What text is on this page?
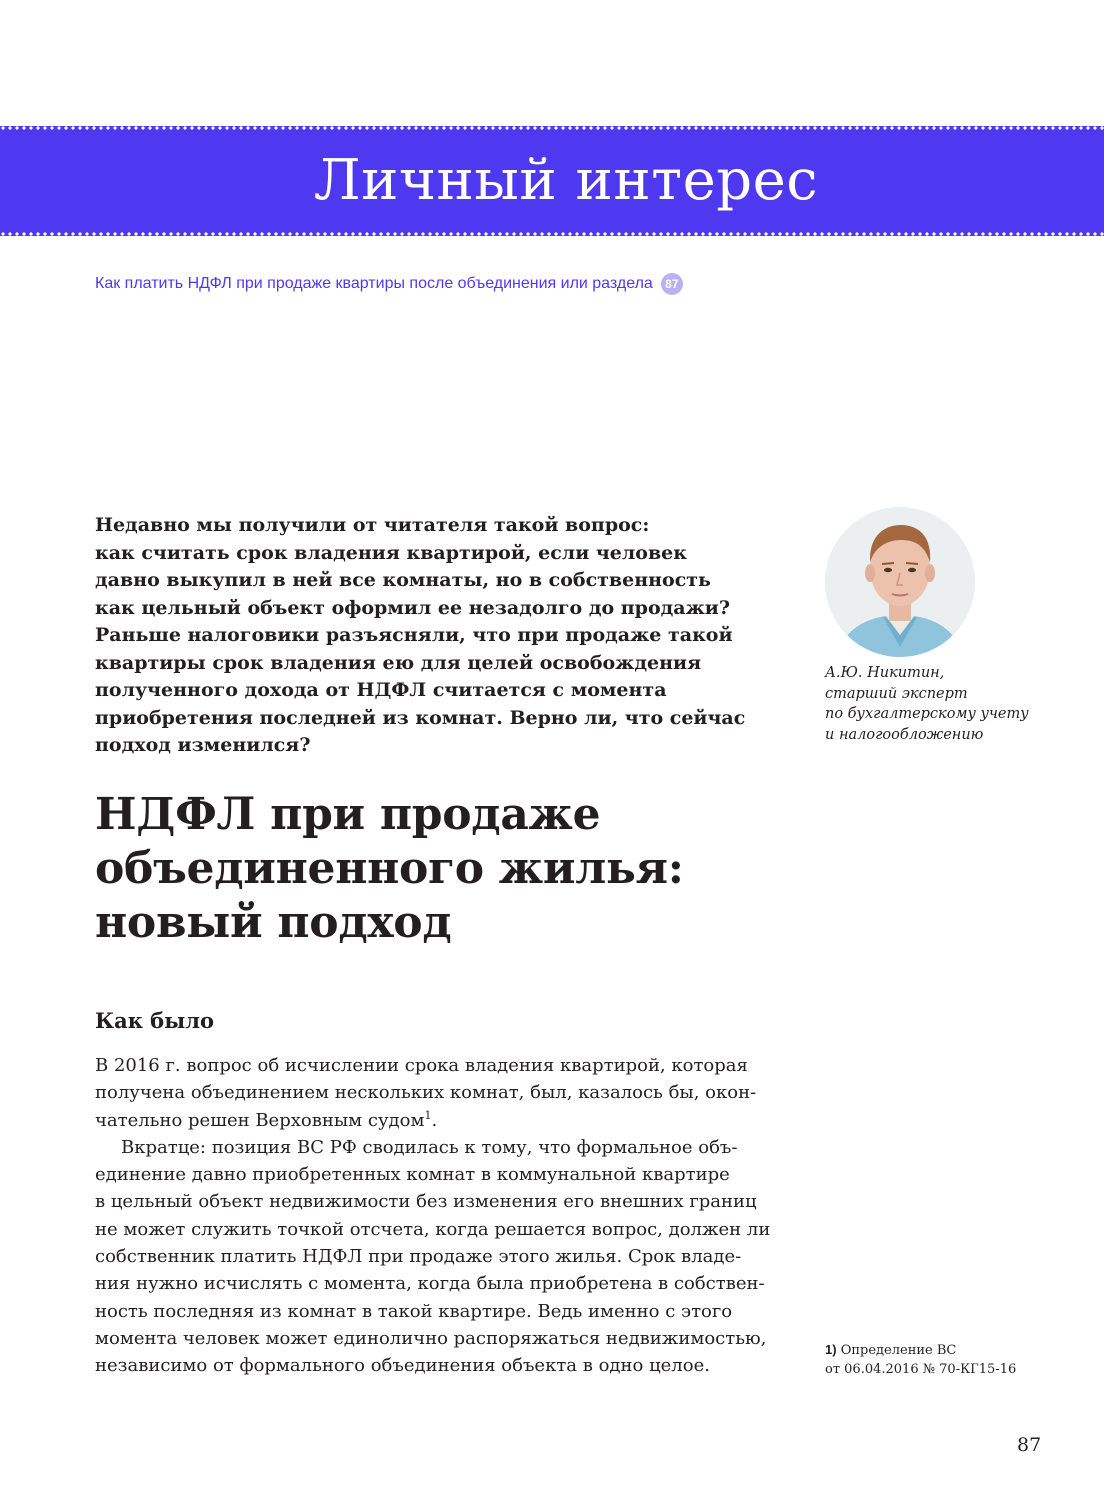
Личный интерес
Как платить НДФЛ при продаже квартиры после объединения или раздела	87

Недавно мы получили от читателя такой вопрос:

как считать срок владения квартирой, если человек

давно выкупил в ней все комнаты, но в собственность

как цельный объект оформил ее незадолго до продажи?

Раньше налоговики разъясняли, что при продаже такой

квартиры срок владения ею для целей освобождения

полученного дохода от НДФЛ считается с момента

приобретения последней из комнат. Верно ли, что сейчас

подход изменился?

А.Ю. Никитин,
старший эксперт
по бухгалтерскому учету
и налогообложению
НДФЛ при продаже
объединенного жилья:
новый подход
Как было
В 2016 г. вопрос об исчислении срока владения квартирой, которая
получена объединением нескольких комнат, был, казалось бы, окон-
чательно решен Верховным судом$^1$.
Вкратце: позиция ВС РФ сводилась к тому, что формальное объ-
единение давно приобретенных комнат в коммунальной квартире
в цельный объект недвижимости без изменения его внешних границ
не может служить точкой отсчета, когда решается вопрос, должен ли
собственник платить НДФЛ при продаже этого жилья. Срок владе-
ния нужно исчислять с момента, когда была приобретена в собствен-
ность последняя из комнат в такой квартире. Ведь именно с этого
момента человек может единолично распоряжаться недвижимостью,
независимо от формального объединения объекта в одно целое.
1) Определение ВС
от 06.04.2016 № 70-КГ15-16
87
